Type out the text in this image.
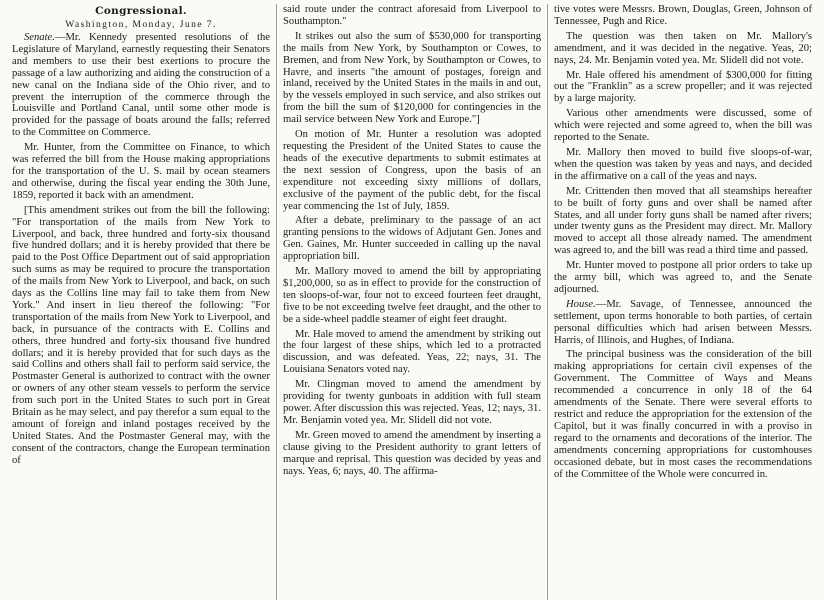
Congressional.
Washington, Monday, June 7.

Senate.—Mr. Kennedy presented resolutions of the Legislature of Maryland, earnestly requesting their Senators and members to use their best exertions to procure the passage of a law authorizing and aiding the construction of a new canal on the Indiana side of the Ohio river, and to prevent the interruption of the commerce through the Louisville and Portland Canal, until some other mode is provided for the passage of boats around the falls; referred to the Committee on Commerce.

Mr. Hunter, from the Committee on Finance, to which was referred the bill from the House making appropriations for the transportation of the U. S. mail by ocean steamers and otherwise, during the fiscal year ending the 30th June, 1859, reported it back with an amendment.

[This amendment strikes out from the bill the following: "For transportation of the mails from New York to Liverpool, and back, three hundred and forty-six thousand five hundred dollars; and it is hereby provided that there be paid to the Post Office Department out of said appropriation such sums as may be required to procure the transportation of the mails from New York to Liverpool, and back, on such days as the Collins line may fail to take them from New York." And insert in lieu thereof the following: "For transportation of the mails from New York to Liverpool, and back, in pursuance of the contracts with E. Collins and others, three hundred and forty-six thousand five hundred dollars; and it is hereby provided that for such days as the said Collins and others shall fail to perform said service, the Postmaster General is authorized to contract with the owner or owners of any other steam vessels to perform the service from such port in the United States to such port in Great Britain as he may select, and pay therefor a sum equal to the amount of foreign and inland postages received by the United States. And the Postmaster General may, with the consent of the contractors, change the European termination of

said route under the contract aforesaid from Liverpool to Southampton."

It strikes out also the sum of $530,000 for transporting the mails from New York, by Southampton or Cowes, to Bremen, and from New York, by Southampton or Cowes, to Havre, and inserts "the amount of postages, foreign and inland, received by the United States in the mails in and out, by the vessels employed in such service, and also strikes out from the bill the sum of $120,000 for contingencies in the mail service between New York and Europe."]

On motion of Mr. Hunter a resolution was adopted requesting the President of the United States to cause the heads of the executive departments to submit estimates at the next session of Congress, upon the basis of an expenditure not exceeding sixty millions of dollars, exclusive of the payment of the public debt, for the fiscal year commencing the 1st of July, 1859.

After a debate, preliminary to the passage of an act granting pensions to the widows of Adjutant Gen. Jones and Gen. Gaines, Mr. Hunter succeeded in calling up the naval appropriation bill.

Mr. Mallory moved to amend the bill by appropriating $1,200,000, so as in effect to provide for the construction of ten sloops-of-war, four not to exceed fourteen feet draught, five to be not exceeding twelve feet draught, and the other to be a side-wheel paddle steamer of eight feet draught.

Mr. Hale moved to amend the amendment by striking out the four largest of these ships, which led to a protracted discussion, and was defeated. Yeas, 22; nays, 31. The Louisiana Senators voted nay.

Mr. Clingman moved to amend the amendment by providing for twenty gunboats in addition with full steam power. After discussion this was rejected. Yeas, 12; nays, 31. Mr. Benjamin voted yea. Mr. Slidell did not vote.

Mr. Green moved to amend the amendment by inserting a clause giving to the President authority to grant letters of marque and reprisal. This question was decided by yeas and nays. Yeas, 6; nays, 40. The affirma-

tive votes were Messrs. Brown, Douglas, Green, Johnson of Tennessee, Pugh and Rice.

The question was then taken on Mr. Mallory's amendment, and it was decided in the negative. Yeas, 20; nays, 24. Mr. Benjamin voted yea. Mr. Slidell did not vote.

Mr. Hale offered his amendment of $300,000 for fitting out the "Franklin" as a screw propeller; and it was rejected by a large majority.

Various other amendments were discussed, some of which were rejected and some agreed to, when the bill was reported to the Senate.

Mr. Mallory then moved to build five sloops-of-war, when the question was taken by yeas and nays, and decided in the affirmative on a call of the yeas and nays.

Mr. Crittenden then moved that all steamships hereafter to be built of forty guns and over shall be named after States, and all under forty guns shall be named after rivers; under twenty guns as the President may direct. Mr. Mallory moved to accept all those already named. The amendment was agreed to, and the bill was read a third time and passed.

Mr. Hunter moved to postpone all prior orders to take up the army bill, which was agreed to, and the Senate adjourned.

House.—Mr. Savage, of Tennessee, announced the settlement, upon terms honorable to both parties, of certain personal difficulties which had arisen between Messrs. Harris, of Illinois, and Hughes, of Indiana.

The principal business was the consideration of the bill making appropriations for certain civil expenses of the Government. The Committee of Ways and Means recommended a concurrence in only 18 of the 64 amendments of the Senate. There were several efforts to restrict and reduce the appropriation for the extension of the Capitol, but it was finally concurred in with a proviso in regard to the ornaments and decorations of the interior. The amendments concerning appropriations for customhouses occasioned debate, but in most cases the recommendations of the Committee of the Whole were concurred in.
